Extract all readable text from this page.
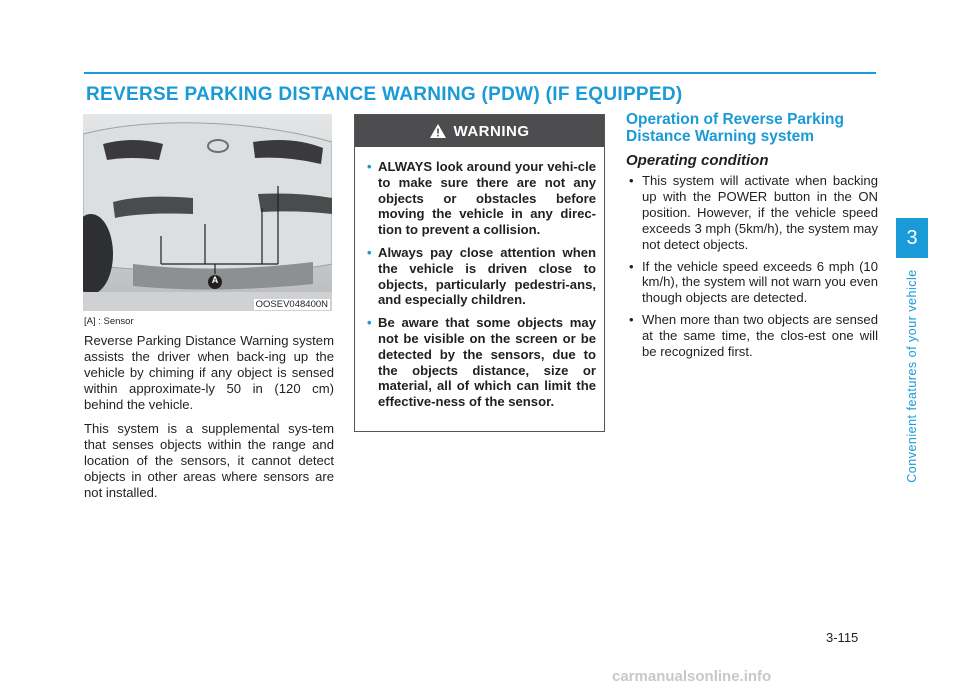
REVERSE PARKING DISTANCE WARNING (PDW) (IF EQUIPPED)
A
OOSEV048400N
[A] : Sensor

Reverse Parking Distance Warning system assists the driver when back-ing up the vehicle by chiming if any object is sensed within approximate-ly 50 in (120 cm) behind the vehicle.

This system is a supplemental sys-tem that senses objects within the range and location of the sensors, it cannot detect objects in other areas where sensors are not installed.

WARNING
• ALWAYS look around your vehi-cle to make sure there are not any objects or obstacles before moving the vehicle in any direc-tion to prevent a collision.
• Always pay close attention when the vehicle is driven close to objects, particularly pedestri-ans, and especially children.
• Be aware that some objects may not be visible on the screen or be detected by the sensors, due to the objects distance, size or material, all of which can limit the effective-ness of the sensor.
Operation of Reverse Parking Distance Warning system
Operating condition
• This system will activate when backing up with the POWER button in the ON position. However, if the vehicle speed exceeds 3 mph (5km/h), the system may not detect objects.
• If the vehicle speed exceeds 6 mph (10 km/h), the system will not warn you even though objects are detected.
• When more than two objects are sensed at the same time, the clos-est one will be recognized first.
3
Convenient features of your vehicle
3-115
carmanualsonline.info
